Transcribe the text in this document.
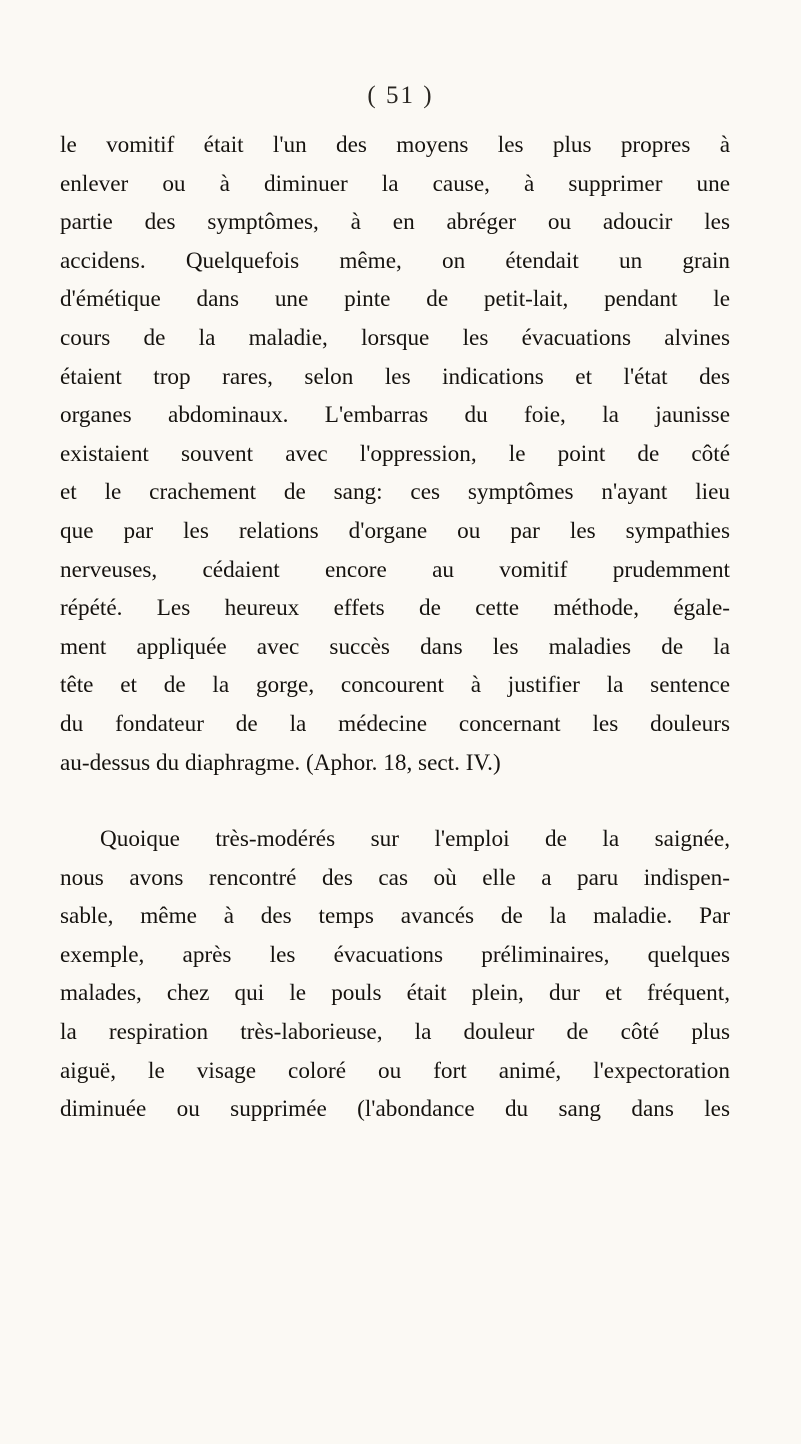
( 51 )
le vomitif était l'un des moyens les plus propres à
enlever ou à diminuer la cause, à supprimer une
partie des symptômes, à en abréger ou adoucir les
accidens. Quelquefois même, on étendait un grain
d'émétique dans une pinte de petit-lait, pendant le
cours de la maladie, lorsque les évacuations alvines
étaient trop rares, selon les indications et l'état des
organes abdominaux. L'embarras du foie, la jaunisse
existaient souvent avec l'oppression, le point de côté
et le crachement de sang: ces symptômes n'ayant lieu
que par les relations d'organe ou par les sympathies
nerveuses, cédaient encore au vomitif prudemment
répété. Les heureux effets de cette méthode, égale-
ment appliquée avec succès dans les maladies de la
tête et de la gorge, concourent à justifier la sentence
du fondateur de la médecine concernant les douleurs
au-dessus du diaphragme. (Aphor. 18, sect. IV.)
Quoique très-modérés sur l'emploi de la saignée,
nous avons rencontré des cas où elle a paru indispen-
sable, même à des temps avancés de la maladie. Par
exemple, après les évacuations préliminaires, quelques
malades, chez qui le pouls était plein, dur et fréquent,
la respiration très-laborieuse, la douleur de côté plus
aiguë, le visage coloré ou fort animé, l'expectoration
diminuée ou supprimée (l'abondance du sang dans les
